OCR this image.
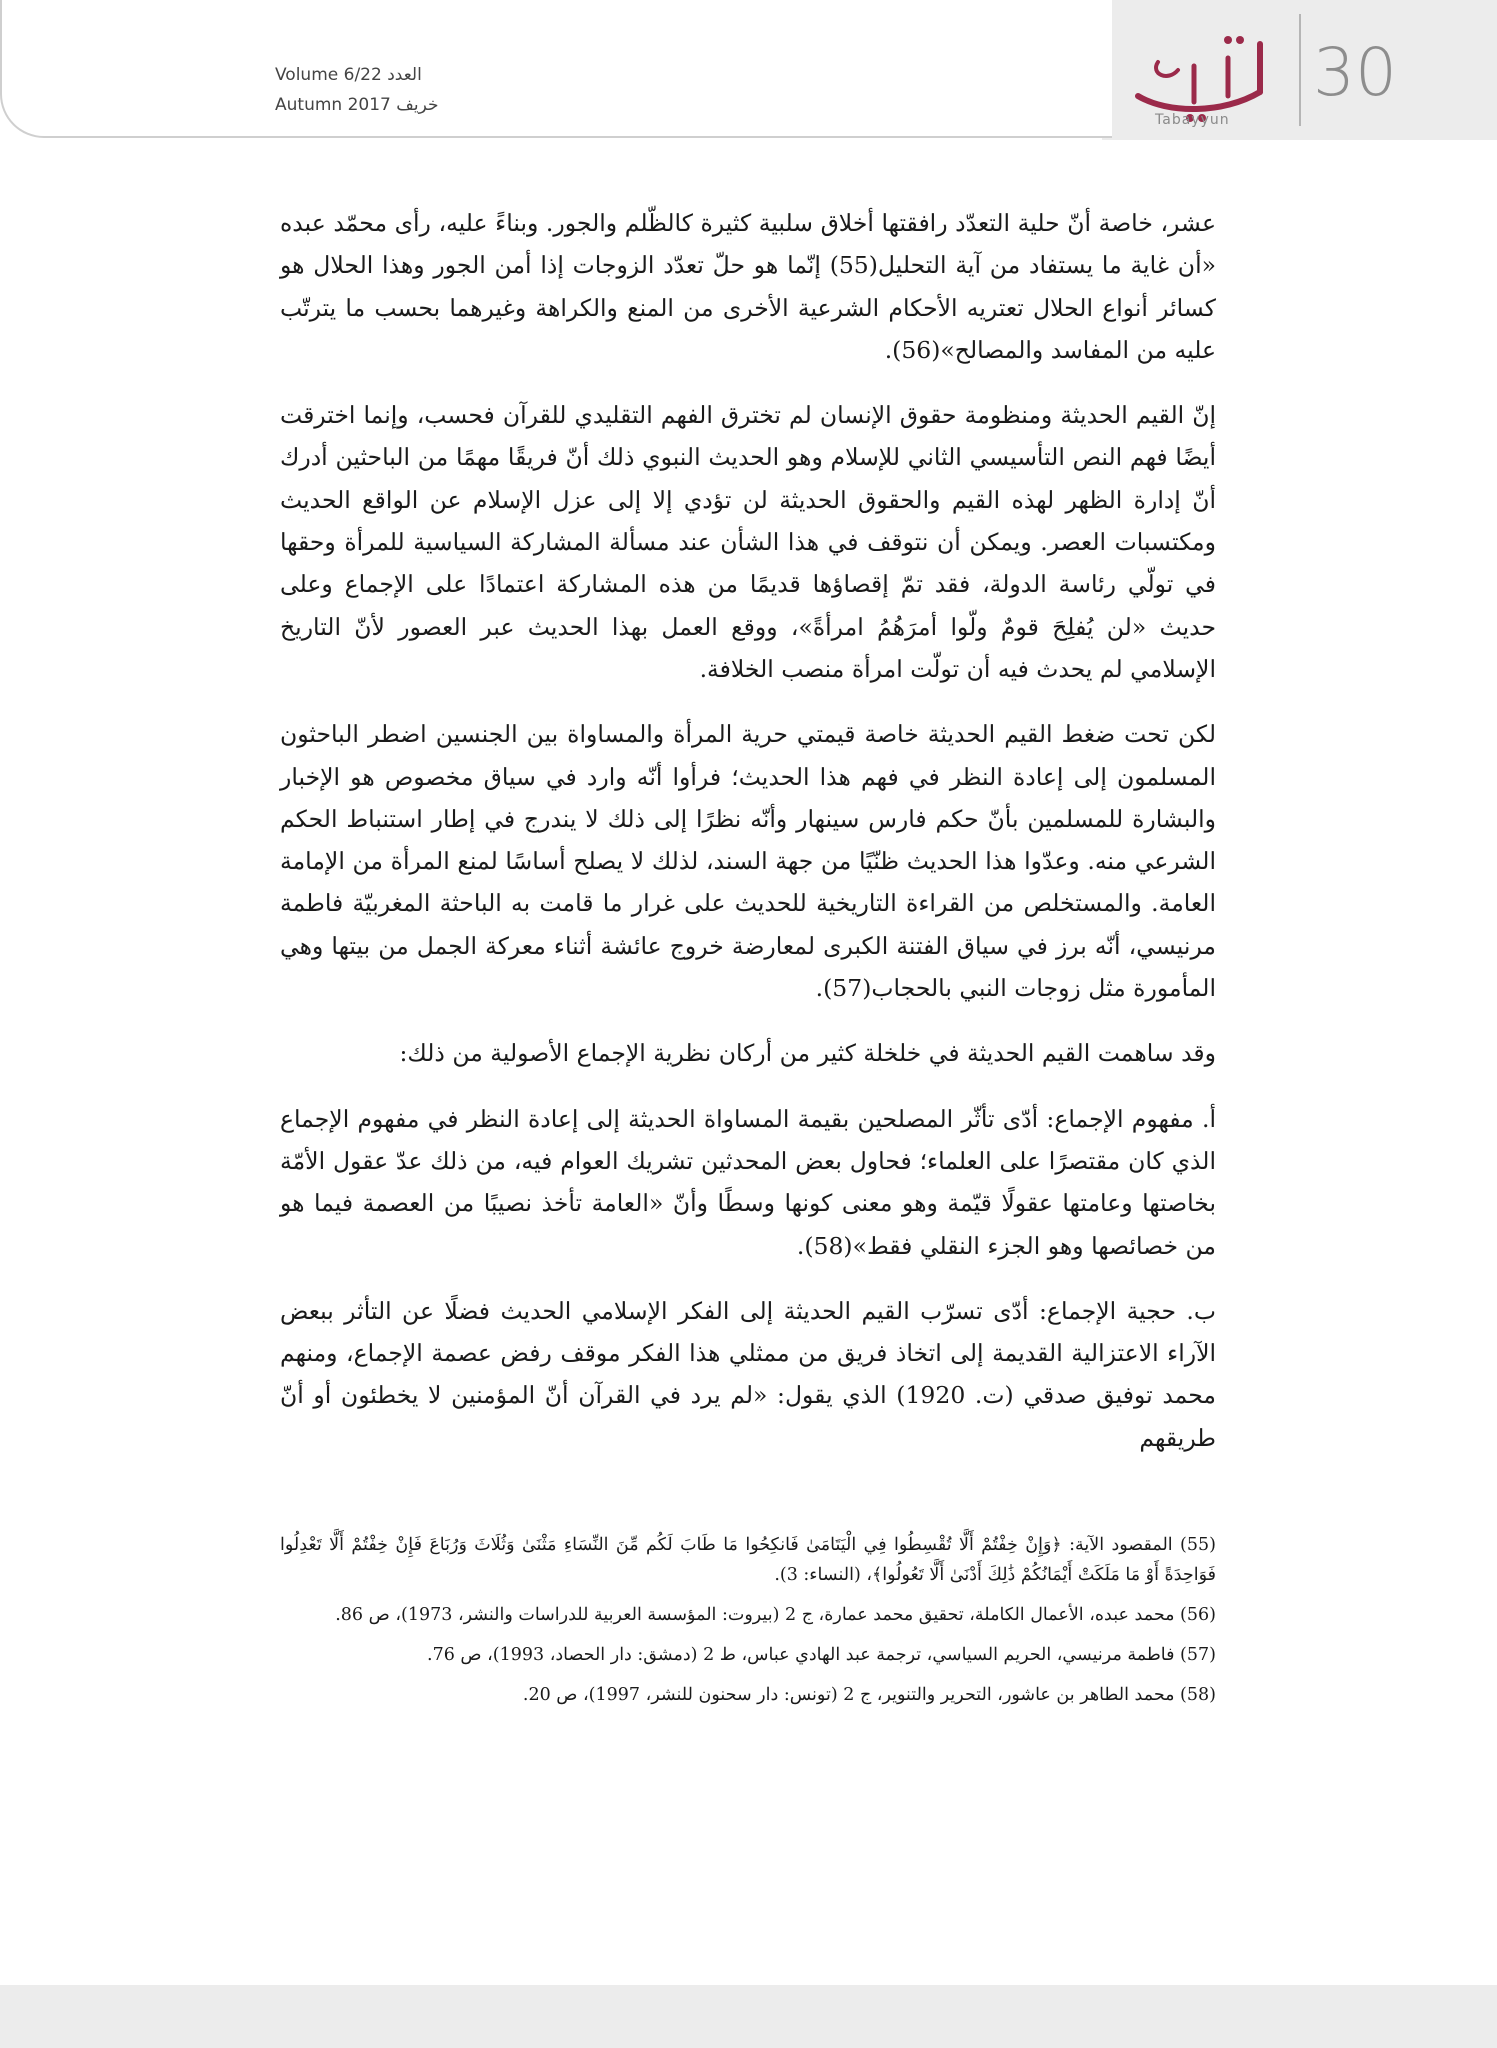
Volume 6/22 العدد
Autumn 2017 خريف
Tabayyun
30

عشر، خاصة أنّ حلية التعدّد رافقتها أخلاق سلبية كثيرة كالظّلم والجور. وبناءً عليه، رأى محمّد عبده «أن غاية ما يستفاد من آية التحليل(55) إنّما هو حلّ تعدّد الزوجات إذا أمن الجور وهذا الحلال هو كسائر أنواع الحلال تعتريه الأحكام الشرعية الأخرى من المنع والكراهة وغيرهما بحسب ما يترتّب عليه من المفاسد والمصالح»(56).

إنّ القيم الحديثة ومنظومة حقوق الإنسان لم تخترق الفهم التقليدي للقرآن فحسب، وإنما اخترقت أيضًا فهم النص التأسيسي الثاني للإسلام وهو الحديث النبوي ذلك أنّ فريقًا مهمًا من الباحثين أدرك أنّ إدارة الظهر لهذه القيم والحقوق الحديثة لن تؤدي إلا إلى عزل الإسلام عن الواقع الحديث ومكتسبات العصر. ويمكن أن نتوقف في هذا الشأن عند مسألة المشاركة السياسية للمرأة وحقها في تولّي رئاسة الدولة، فقد تمّ إقصاؤها قديمًا من هذه المشاركة اعتمادًا على الإجماع وعلى حديث «لن يُفلِحَ قومٌ ولّوا أمرَهُمُ امرأةً»، ووقع العمل بهذا الحديث عبر العصور لأنّ التاريخ الإسلامي لم يحدث فيه أن تولّت امرأة منصب الخلافة.

لكن تحت ضغط القيم الحديثة خاصة قيمتي حرية المرأة والمساواة بين الجنسين اضطر الباحثون المسلمون إلى إعادة النظر في فهم هذا الحديث؛ فرأوا أنّه وارد في سياق مخصوص هو الإخبار والبشارة للمسلمين بأنّ حكم فارس سينهار وأنّه نظرًا إلى ذلك لا يندرج في إطار استنباط الحكم الشرعي منه. وعدّوا هذا الحديث ظنّيًا من جهة السند، لذلك لا يصلح أساسًا لمنع المرأة من الإمامة العامة. والمستخلص من القراءة التاريخية للحديث على غرار ما قامت به الباحثة المغربيّة فاطمة مرنيسي، أنّه برز في سياق الفتنة الكبرى لمعارضة خروج عائشة أثناء معركة الجمل من بيتها وهي المأمورة مثل زوجات النبي بالحجاب(57).

وقد ساهمت القيم الحديثة في خلخلة كثير من أركان نظرية الإجماع الأصولية من ذلك:

أ. مفهوم الإجماع: أدّى تأثّر المصلحين بقيمة المساواة الحديثة إلى إعادة النظر في مفهوم الإجماع الذي كان مقتصرًا على العلماء؛ فحاول بعض المحدثين تشريك العوام فيه، من ذلك عدّ عقول الأمّة بخاصتها وعامتها عقولًا قيّمة وهو معنى كونها وسطًا وأنّ «العامة تأخذ نصيبًا من العصمة فيما هو من خصائصها وهو الجزء النقلي فقط»(58).

ب. حجية الإجماع: أدّى تسرّب القيم الحديثة إلى الفكر الإسلامي الحديث فضلًا عن التأثر ببعض الآراء الاعتزالية القديمة إلى اتخاذ فريق من ممثلي هذا الفكر موقف رفض عصمة الإجماع، ومنهم محمد توفيق صدقي (ت. 1920) الذي يقول: «لم يرد في القرآن أنّ المؤمنين لا يخطئون أو أنّ طريقهم

(55) المقصود الآية: ﴿وَإِنْ خِفْتُمْ أَلَّا تُقْسِطُوا فِي الْيَتَامَىٰ فَانكِحُوا مَا طَابَ لَكُم مِّنَ النِّسَاءِ مَثْنَىٰ وَثُلَاثَ وَرُبَاعَ فَإِنْ خِفْتُمْ أَلَّا تَعْدِلُوا فَوَاحِدَةً أَوْ مَا مَلَكَتْ أَيْمَانُكُمْ ذَٰلِكَ أَدْنَىٰ أَلَّا تَعُولُوا﴾، (النساء: 3).

(56) محمد عبده، الأعمال الكاملة، تحقيق محمد عمارة، ج 2 (بيروت: المؤسسة العربية للدراسات والنشر، 1973)، ص 86.

(57) فاطمة مرنيسي، الحريم السياسي، ترجمة عبد الهادي عباس، ط 2 (دمشق: دار الحصاد، 1993)، ص 76.

(58) محمد الطاهر بن عاشور، التحرير والتنوير، ج 2 (تونس: دار سحنون للنشر، 1997)، ص 20.
